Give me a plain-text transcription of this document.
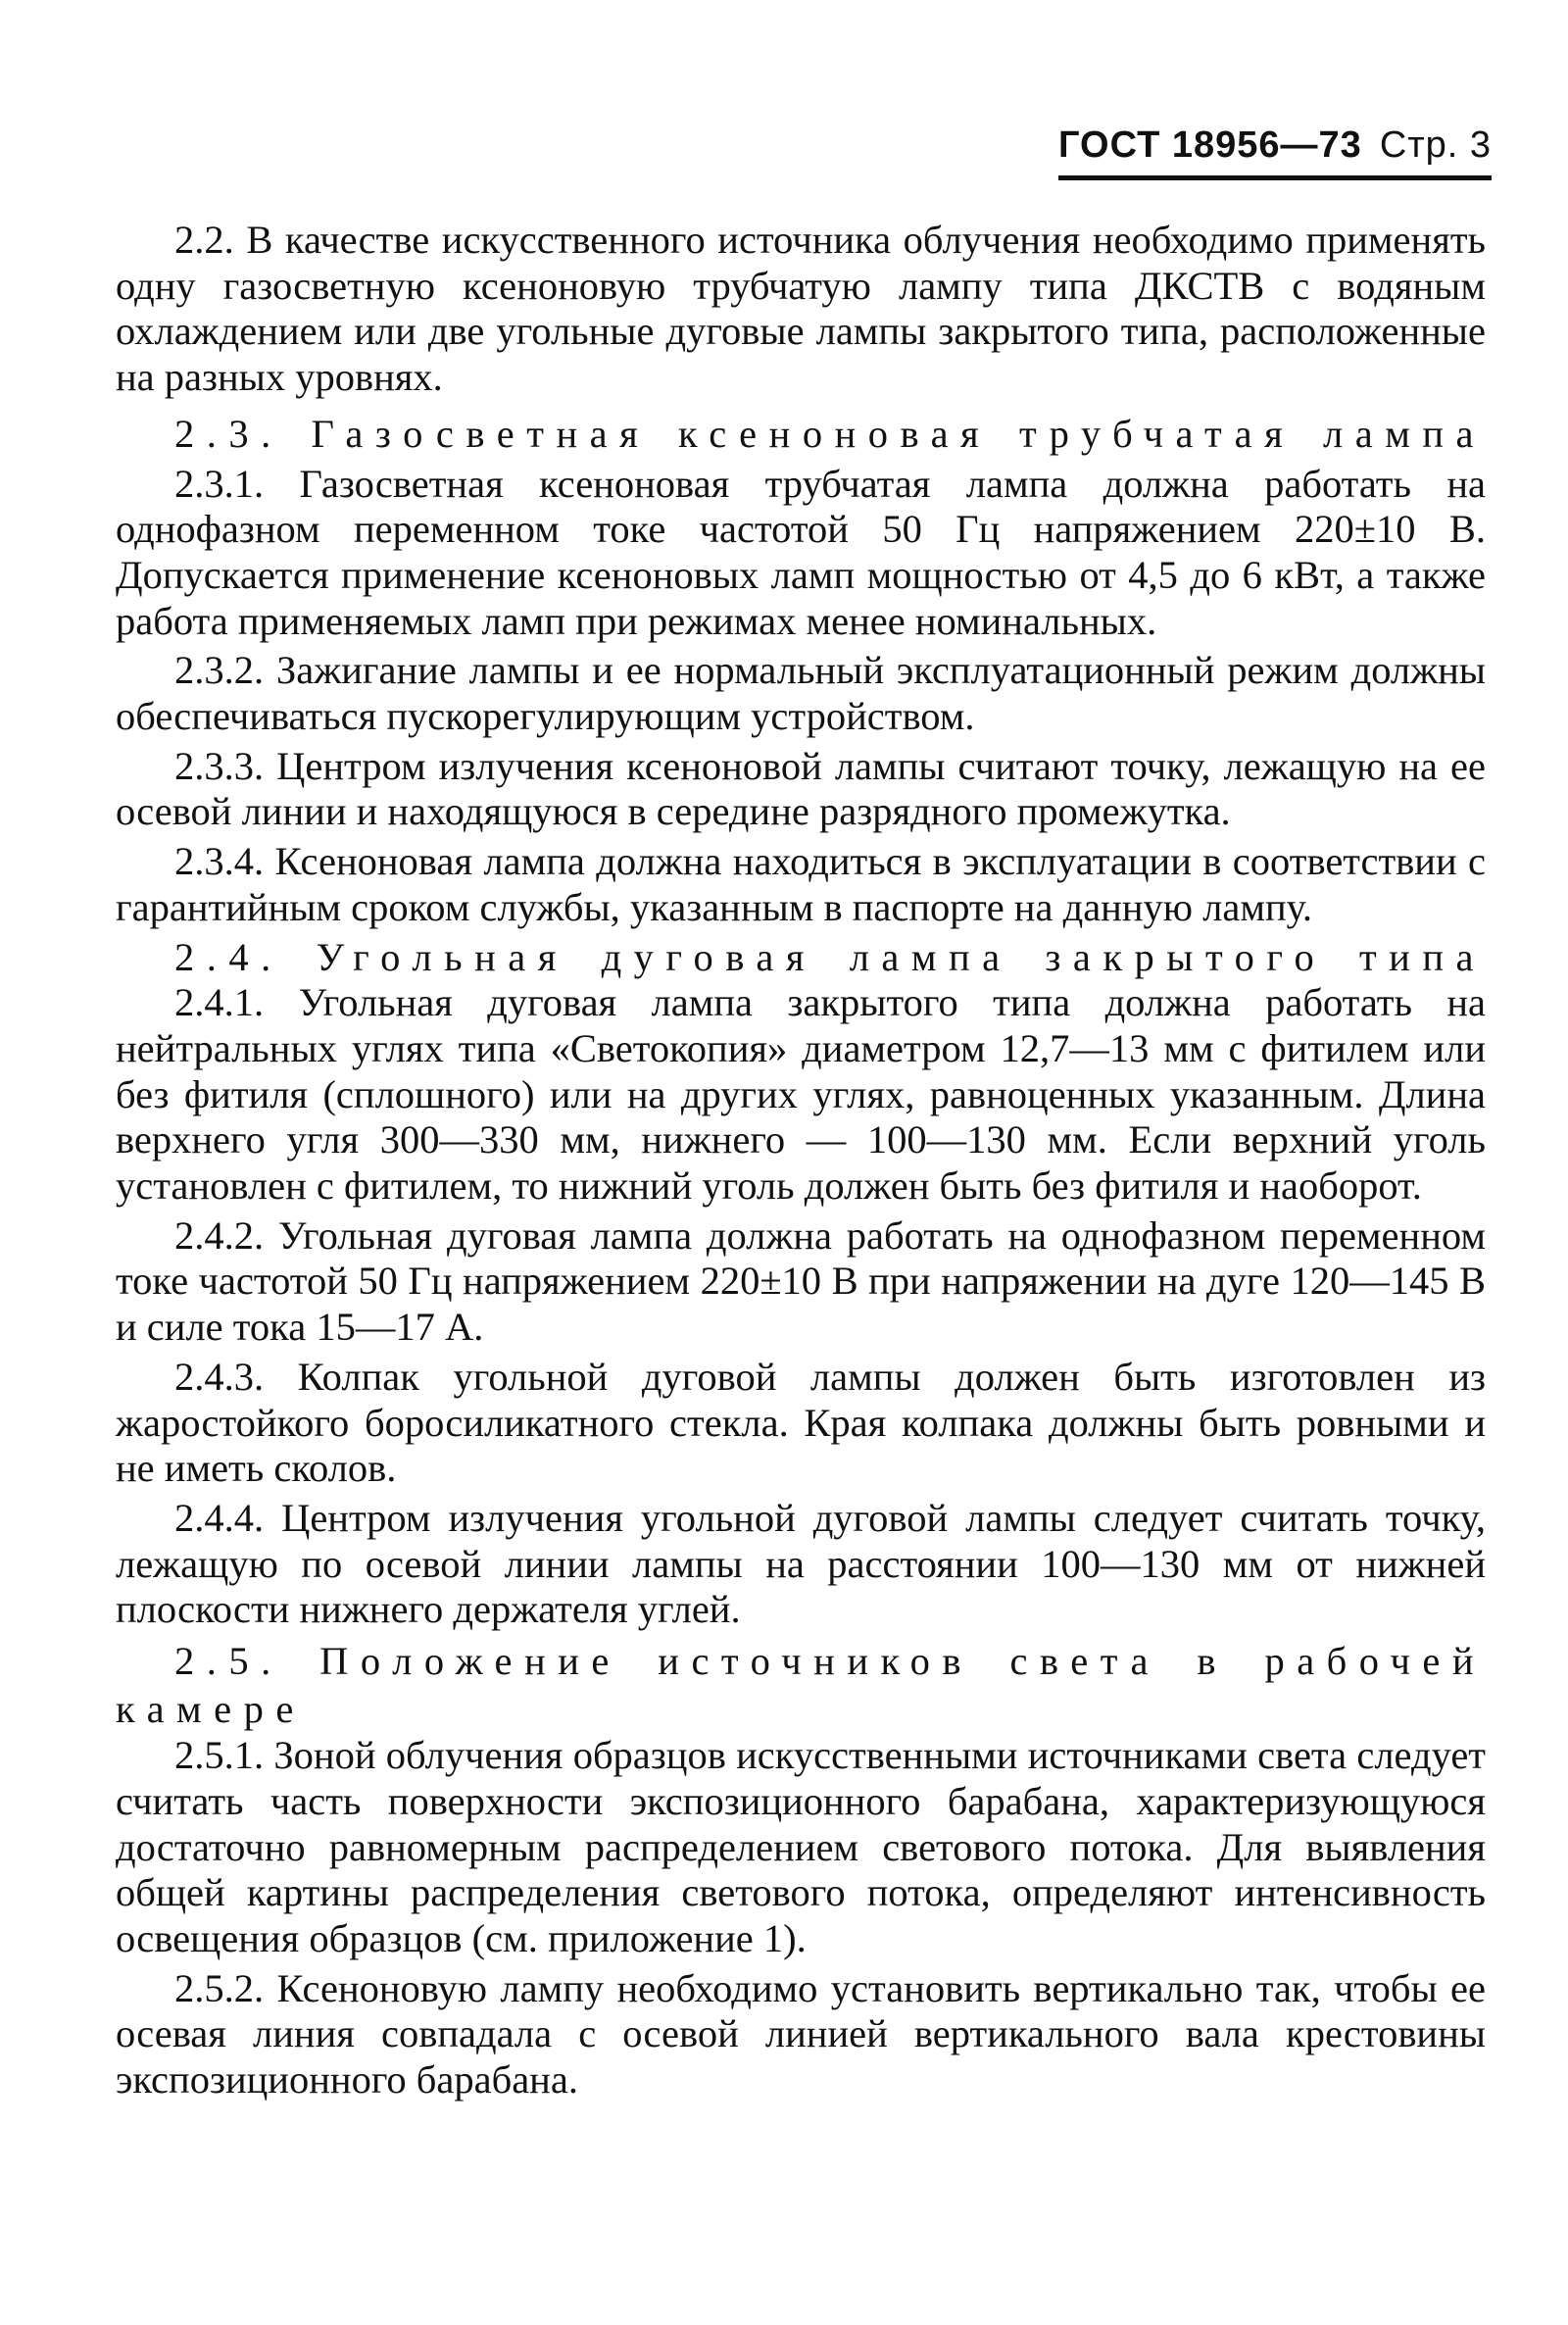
ГОСТ 18956—73 Стр. 3

2.2. В качестве искусственного источника облучения необходимо применять одну газосветную ксеноновую трубчатую лампу типа ДКСТВ с водяным охлаждением или две угольные дуговые лампы закрытого типа, расположенные на разных уровнях.

2.3. Газосветная ксеноновая трубчатая лампа

2.3.1. Газосветная ксеноновая трубчатая лампа должна работать на однофазном переменном токе частотой 50 Гц напряжением 220±10 В. Допускается применение ксеноновых ламп мощностью от 4,5 до 6 кВт, а также работа применяемых ламп при режимах менее номинальных.

2.3.2. Зажигание лампы и ее нормальный эксплуатационный режим должны обеспечиваться пускорегулирующим устройством.

2.3.3. Центром излучения ксеноновой лампы считают точку, лежащую на ее осевой линии и находящуюся в середине разрядного промежутка.

2.3.4. Ксеноновая лампа должна находиться в эксплуатации в соответствии с гарантийным сроком службы, указанным в паспорте на данную лампу.

2.4. Угольная дуговая лампа закрытого типа

2.4.1. Угольная дуговая лампа закрытого типа должна работать на нейтральных углях типа «Светокопия» диаметром 12,7—13 мм с фитилем или без фитиля (сплошного) или на других углях, равноценных указанным. Длина верхнего угля 300—330 мм, нижнего — 100—130 мм. Если верхний уголь установлен с фитилем, то нижний уголь должен быть без фитиля и наоборот.

2.4.2. Угольная дуговая лампа должна работать на однофазном переменном токе частотой 50 Гц напряжением 220±10 В при напряжении на дуге 120—145 В и силе тока 15—17 А.

2.4.3. Колпак угольной дуговой лампы должен быть изготовлен из жаростойкого боросиликатного стекла. Края колпака должны быть ровными и не иметь сколов.

2.4.4. Центром излучения угольной дуговой лампы следует считать точку, лежащую по осевой линии лампы на расстоянии 100—130 мм от нижней плоскости нижнего держателя углей.

2.5. Положение источников света в рабочей камере

2.5.1. Зоной облучения образцов искусственными источниками света следует считать часть поверхности экспозиционного барабана, характеризующуюся достаточно равномерным распределением светового потока. Для выявления общей картины распределения светового потока, определяют интенсивность освещения образцов (см. приложение 1).

2.5.2. Ксеноновую лампу необходимо установить вертикально так, чтобы ее осевая линия совпадала с осевой линией вертикального вала крестовины экспозиционного барабана.
